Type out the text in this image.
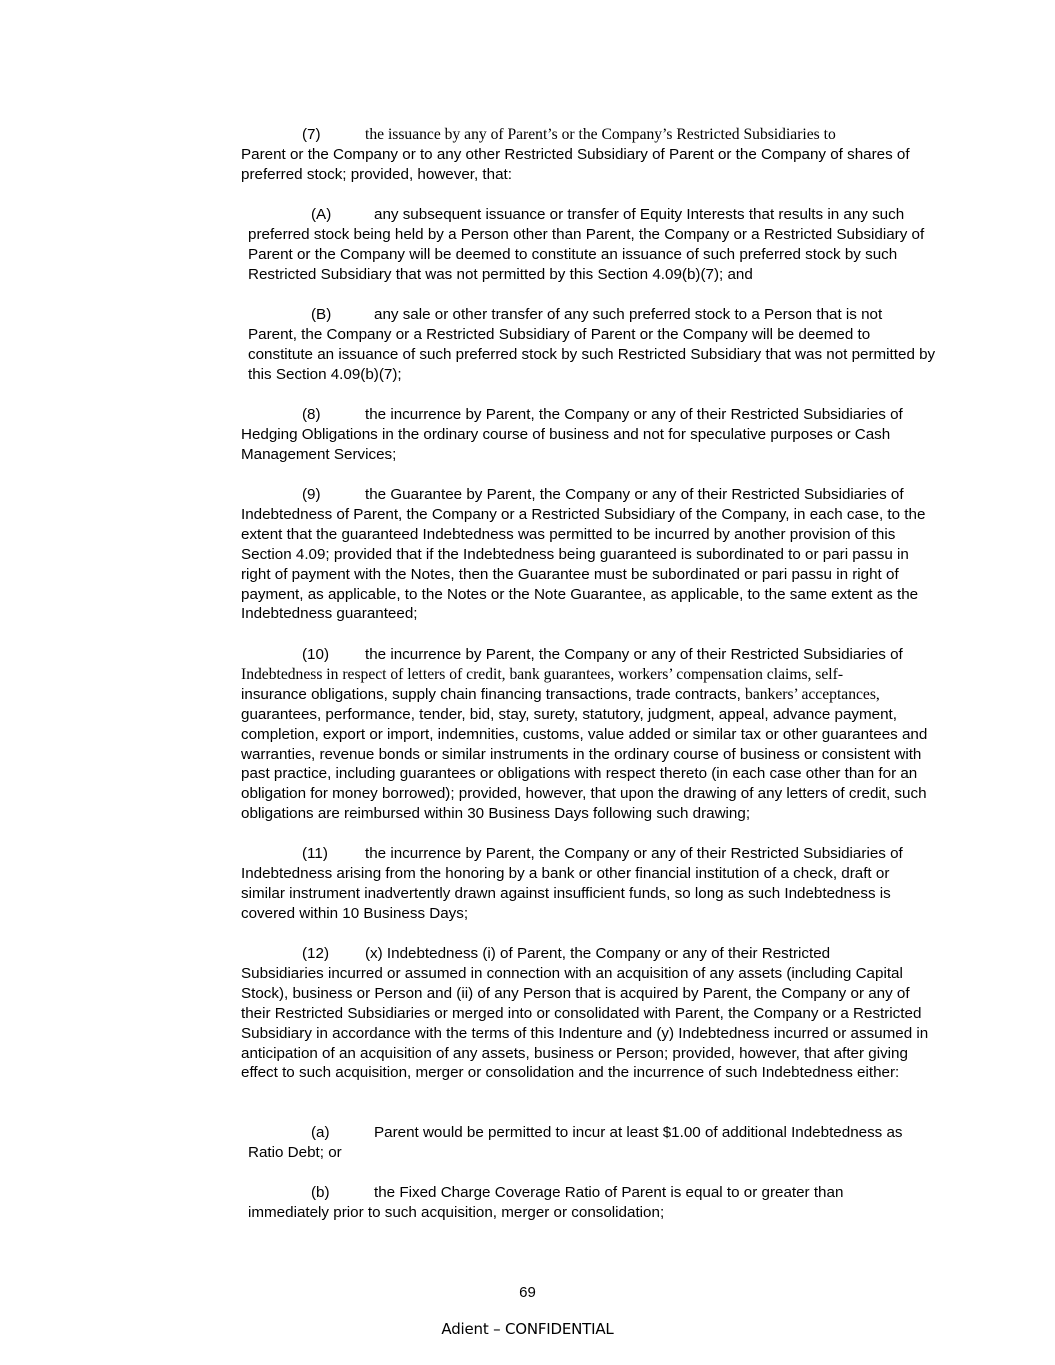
(7)	the issuance by any of Parent’s or the Company’s Restricted Subsidiaries to
Parent or the Company or to any other Restricted Subsidiary of Parent or the Company of shares of preferred stock; provided, however, that:
(A)	any subsequent issuance or transfer of Equity Interests that results in any such
preferred stock being held by a Person other than Parent, the Company or a Restricted Subsidiary of Parent or the Company will be deemed to constitute an issuance of such preferred stock by such Restricted Subsidiary that was not permitted by this Section 4.09(b)(7); and
(B)	any sale or other transfer of any such preferred stock to a Person that is not
Parent, the Company or a Restricted Subsidiary of Parent or the Company will be deemed to constitute an issuance of such preferred stock by such Restricted Subsidiary that was not permitted by this Section 4.09(b)(7);
(8)	the incurrence by Parent, the Company or any of their Restricted Subsidiaries of
Hedging Obligations in the ordinary course of business and not for speculative purposes or Cash Management Services;
(9)	the Guarantee by Parent, the Company or any of their Restricted Subsidiaries of
Indebtedness of Parent, the Company or a Restricted Subsidiary of the Company, in each case, to the extent that the guaranteed Indebtedness was permitted to be incurred by another provision of this Section 4.09; provided that if the Indebtedness being guaranteed is subordinated to or pari passu in right of payment with the Notes, then the Guarantee must be subordinated or pari passu in right of payment, as applicable, to the Notes or the Note Guarantee, as applicable, to the same extent as the Indebtedness guaranteed;
(10) the incurrence by Parent, the Company or any of their Restricted Subsidiaries of
Indebtedness in respect of letters of credit, bank guarantees, workers’ compensation claims, self-
insurance obligations, supply chain financing transactions, trade contracts, bankers’ acceptances, guarantees, performance, tender, bid, stay, surety, statutory, judgment, appeal, advance payment, completion, export or import, indemnities, customs, value added or similar tax or other guarantees and warranties, revenue bonds or similar instruments in the ordinary course of business or consistent with past practice, including guarantees or obligations with respect thereto (in each case other than for an obligation for money borrowed); provided, however, that upon the drawing of any letters of credit, such obligations are reimbursed within 30 Business Days following such drawing;
(11) the incurrence by Parent, the Company or any of their Restricted Subsidiaries of
Indebtedness arising from the honoring by a bank or other financial institution of a check, draft or similar instrument inadvertently drawn against insufficient funds, so long as such Indebtedness is covered within 10 Business Days;
(12) (x) Indebtedness (i) of Parent, the Company or any of their Restricted
Subsidiaries incurred or assumed in connection with an acquisition of any assets (including Capital Stock), business or Person and (ii) of any Person that is acquired by Parent, the Company or any of their Restricted Subsidiaries or merged into or consolidated with Parent, the Company or a Restricted Subsidiary in accordance with the terms of this Indenture and (y) Indebtedness incurred or assumed in anticipation of an acquisition of any assets, business or Person; provided, however, that after giving effect to such acquisition, merger or consolidation and the incurrence of such Indebtedness either:
(a)	Parent would be permitted to incur at least $1.00 of additional Indebtedness as
Ratio Debt; or
(b)	the Fixed Charge Coverage Ratio of Parent is equal to or greater than
immediately prior to such acquisition, merger or consolidation;
69
Adient – CONFIDENTIAL
